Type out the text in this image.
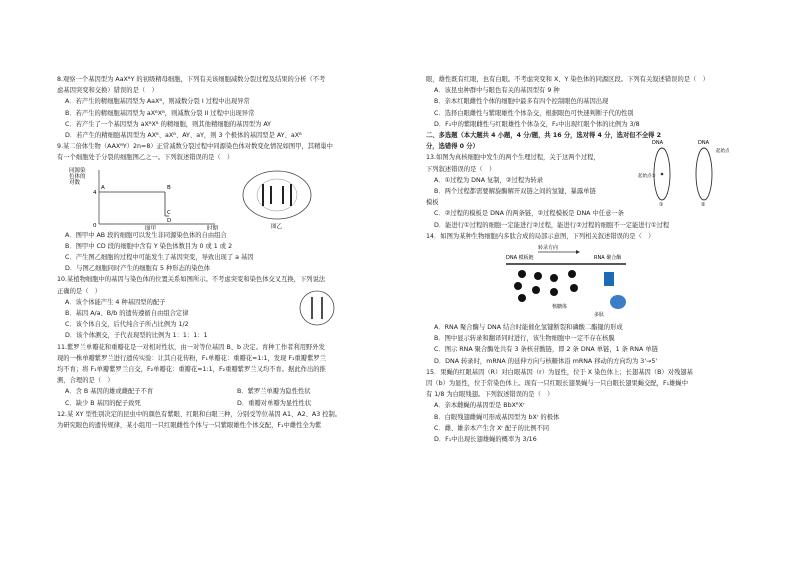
8.观察一个基因型为 AaXᴮY 的初级精母细胞，下列有关该细胞减数分裂过程及结果的分析（不考
虑基因突变和交换）错误的是（　）
A．若产生的精细胞基因型为 AaXᴮ，则减数分裂 I 过程中出现异常
B．若产生的精细胞基因型为 aXᴮXᴮ，则减数分裂 II 过程中出现异常
C．若产生了一个基因型为 aXᴮXᴮ 的精细胞，则其他精细胞的基因型为 AY
D．若产生的精细胞基因型为 AXᴮ、aXᴮ、AY、aY，则 3 个极体的基因型是 AY、aXᴮ
9.某二倍体生物（AAXᴮY）2n=8）正常减数分裂过程中同源染色体对数变化情况如图甲，其精巢中
有一个细胞处于分裂的细胞图乙之一。下列叙述错误的是（　）
同源染
色体的
对数
4
A	B
C
D
0	时期
图甲	图乙
A．图甲中 AB 段的细胞可以发生非同源染色体的自由组合
B．图甲中 CD 段的细胞中含有 Y 染色体数目为 0 或 1 或 2
C．产生图乙细胞的过程中可能发生了基因突变，导致出现了 a 基因
D．与图乙细胞同时产生的细胞有 5 种形态的染色体
10.某植物细胞中的基因与染色体的位置关系如图所示。不考虑突变和染色体交叉互换，下列说法
正确的是（　）
A．该个体能产生 4 种基因型的配子
B．基因 A/a、B/b 的遗传遵循自由组合定律
C．该个体自交，后代纯合子所占比例为 1/2
D．该个体测交，子代表现型的比例为 1：1：1：1
11.紫罗兰单瓣花和重瓣花是一对相对性状，由一对等位基因 B、b 决定。育种工作者利用野外发
现的一株单瓣紫罗兰进行遗传实验：让其自花传粉，F₁单瓣花：重瓣花=1:1，发现 F₁重瓣紫罗兰
均不育；将 F₁单瓣紫罗兰自交，F₂单瓣花：重瓣花=1:1，F₂重瓣紫罗兰又均不育。据此作出的推
测，合理的是（　）
A．含 B 基因的雄或雌配子不育	B．紫罗兰单瓣为隐性性状
C．缺少 B 基因的配子致死	D．重瓣对单瓣为显性性状
12.某 XY 型性别决定的昆虫中的颜色有紫眼、红眼和白眼三种，分别受等位基因 A1、A2、A3 控制。
为研究眼色的遗传规律，某小组用一只红眼雌性个体与一只紫眼雄性个体交配，F₁中雌性全为紫
眼，雄性既有红眼，也有白眼。不考虑突变和 X、Y 染色体的同源区段。下列有关叙述错误的是（　）
A．该昆虫种群中与眼色有关的基因型有 9 种
B．亲本红眼雌性个体的细胞中最多有四个控制眼色的基因出现
C．选择白眼雌性与紫眼雄性个体杂交，根据眼色可快速判断子代的性别
D．F₁中的紫眼雌性与红眼雄性个体杂交，F₂中出现红眼个体的比例为 3/8
二、多选题（本大题共 4 小题，4 分/题，共 16 分，选对得 4 分，选对但不全得 2
分，选错得 0 分）
13.如图为真核细胞中发生的两个生理过程，关于这两个过程，
下列叙述错误的是（　）
A．①过程为 DNA 复制，②过程为转录
B．两个过程都需要解旋酶解开双链之间的氢键，暴露单链
模板
C．②过程的模板是 DNA 的两条链，②过程模板是 DNA 中任意一条
D．能进行①过程的细胞一定能进行②过程，能进行②过程的细胞不一定能进行①过程
DNA	DNA
起始点①
起始点
①	②
14．如图为某种生物细胞内多肽合成的局部示意图，下列相关叙述错误的是（　）
转录方向
DNA 模板链	RNA 聚合酶
核糖体
多肽
A．RNA 聚合酶与 DNA 结合时能催化氢键断裂和磷酸二酯键的形成
B．图中显示转录和翻译同时进行，该生物细胞中一定不存在核膜
C．图示 RNA 聚合酶处共有 3 条核苷酸链，即 2 条 DNA 单链，1 条 RNA 单链
D．DNA 转录时，mRNA 的延伸方向与核糖体沿 mRNA 移动的方向均为 3'→5'
15．果蝇的红眼基因（R）对白眼基因（r）为显性，位于 X 染色体上；长翅基因（B）对残翅基
因（b）为显性，位于常染色体上。现有一只红眼长翅果蝇与一只白眼长翅果蝇交配，F₁雄蝇中
有 1/8 为白眼残翅。下列叙述错误的是（　）
A．亲本雌蝇的基因型是 BbXᴿXʳ
B．白眼残翅雌蝇可形成基因型为 bXʳ 的极体
C．雌、雄亲本产生含 Xʳ 配子的比例不同
D．F₁中出现长翅雄蝇的概率为 3/16
